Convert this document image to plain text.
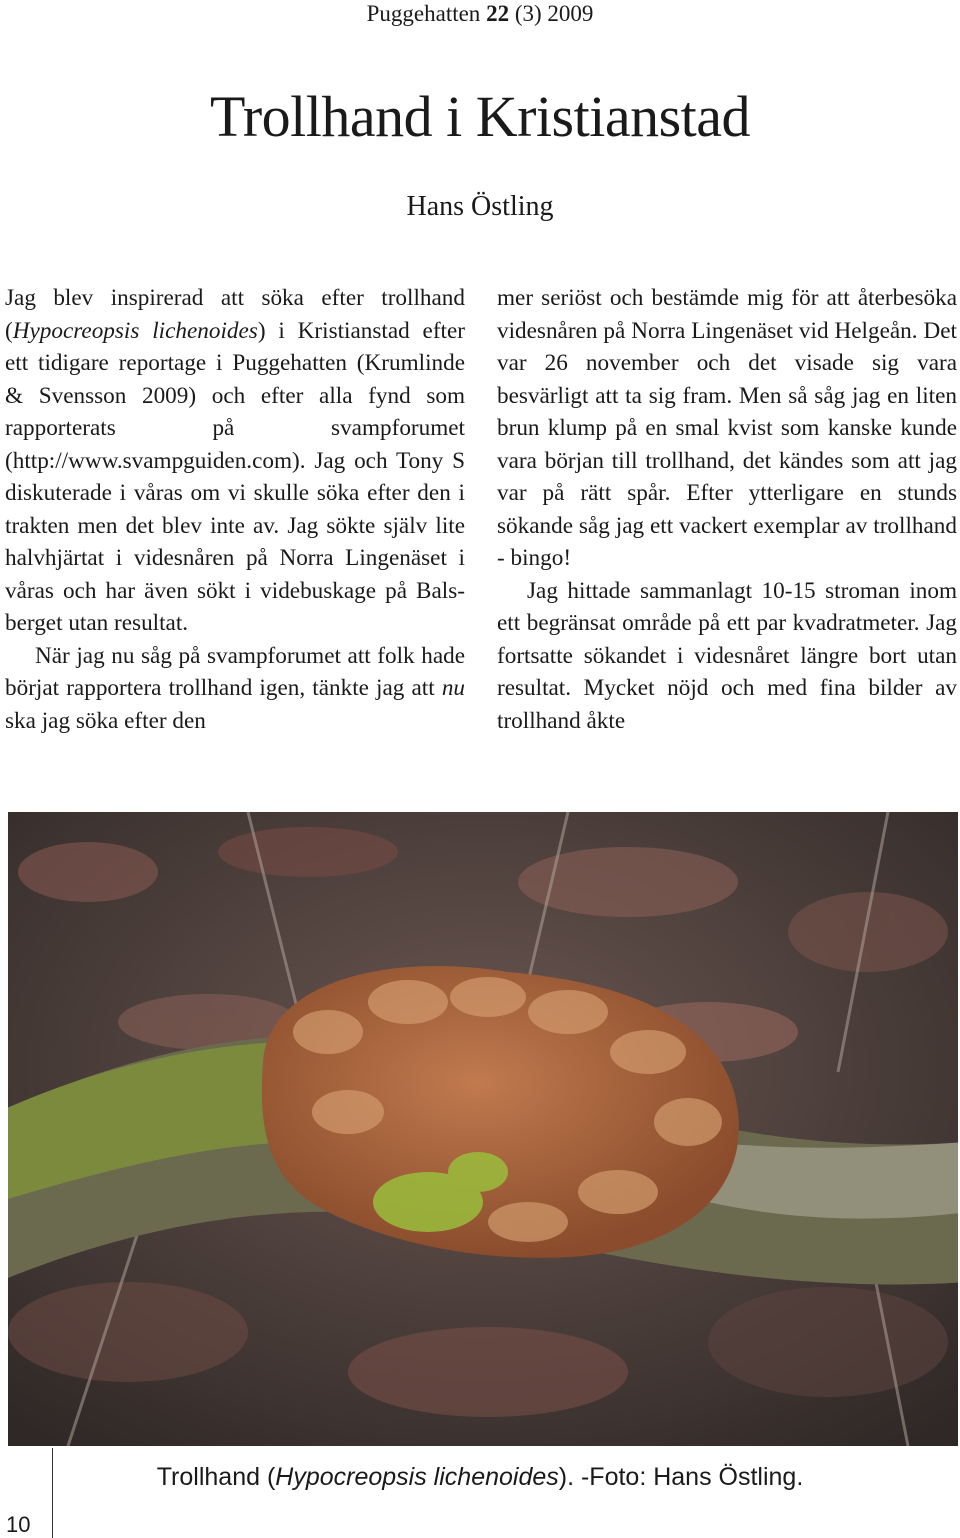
Puggehatten 22 (3) 2009
Trollhand i Kristianstad
Hans Östling

Jag blev inspirerad att söka efter trollhand (Hypocreopsis lichenoides) i Kristianstad efter ett tidigare reportage i Puggehatten (Krumlinde & Svensson 2009) och efter alla fynd som rapporterats på svampforumet (http://www.svampguiden.com). Jag och Tony S diskuterade i våras om vi skulle söka efter den i trakten men det blev inte av. Jag sökte själv lite halvhjärtat i videsnåren på Norra Lingenäset i våras och har även sökt i videbuskage på Balsberget utan resultat.

När jag nu såg på svampforumet att folk hade börjat rapportera trollhand igen, tänkte jag att nu ska jag söka efter den

mer seriöst och bestämde mig för att återbesöka videsnåren på Norra Lingenäset vid Helgeån. Det var 26 november och det visade sig vara besvärligt att ta sig fram. Men så såg jag en liten brun klump på en smal kvist som kanske kunde vara början till trollhand, det kändes som att jag var på rätt spår. Efter ytterligare en stunds sökande såg jag ett vackert exemplar av trollhand - bingo!

Jag hittade sammanlagt 10-15 stroman inom ett begränsat område på ett par kvadratmeter. Jag fortsatte sökandet i videsnåret längre bort utan resultat. Mycket nöjd och med fina bilder av trollhand åkte

Trollhand (Hypocreopsis lichenoides). -Foto: Hans Östling.
10
